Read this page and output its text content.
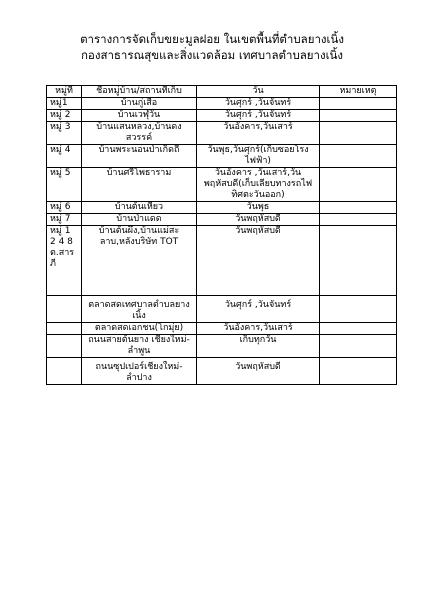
ตารางการจัดเก็บขยะมูลฝอย ในเขตพื้นที่ตำบลยางเนิ้ง
กองสาธารณสุขและสิ่งแวดล้อม เทศบาลตำบลยางเนิ้ง
หมู่ที่	ชื่อหมู่บ้าน/สถานที่เก็บ	วัน	หมายเหตุ
หมู่1	บ้านกู่เสือ	วันศุกร์ ,วันจันทร์	
หมู่ 2	บ้านเวฬุวัน	วันศุกร์ ,วันจันทร์	
หมู่ 3	บ้านแสนหลวง,บ้านดงสวรรค์	วันอังคาร,วันเสาร์	
หมู่ 4	บ้านพระนอนป่าเก็ดถี่	วันพุธ,วันศุกร์(เก็บซอยโรงไฟฟ้า)	
หมู่ 5	บ้านศรีโพธาราม	วันอังคาร ,วันเสาร์,วันพฤหัสบดี(เก็บเลียบทางรถไฟทิศตะวันออก)	
หมู่ 6	บ้านต้นเหียว	วันพุธ	
หมู่ 7	บ้านป่าแดด	วันพฤหัสบดี	
หมู่ 1 2 4 8 ต.สารภี	บ้านต้นผึ้ง,บ้านแม่สะลาบ,หลังบริษัท TOT	วันพฤหัสบดี	
	ตลาดสดเทศบาลตำบลยางเนิ้ง	วันศุกร์ ,วันจันทร์	
	ตลาดสดเอกชน(โกมุ่ย)	วันอังคาร,วันเสาร์	
	ถนนสายต้นยาง เชียงใหม่-ลำพูน	เก็บทุกวัน	
	ถนนซุปเปอร์เชียงใหม่-ลำปาง	วันพฤหัสบดี	
